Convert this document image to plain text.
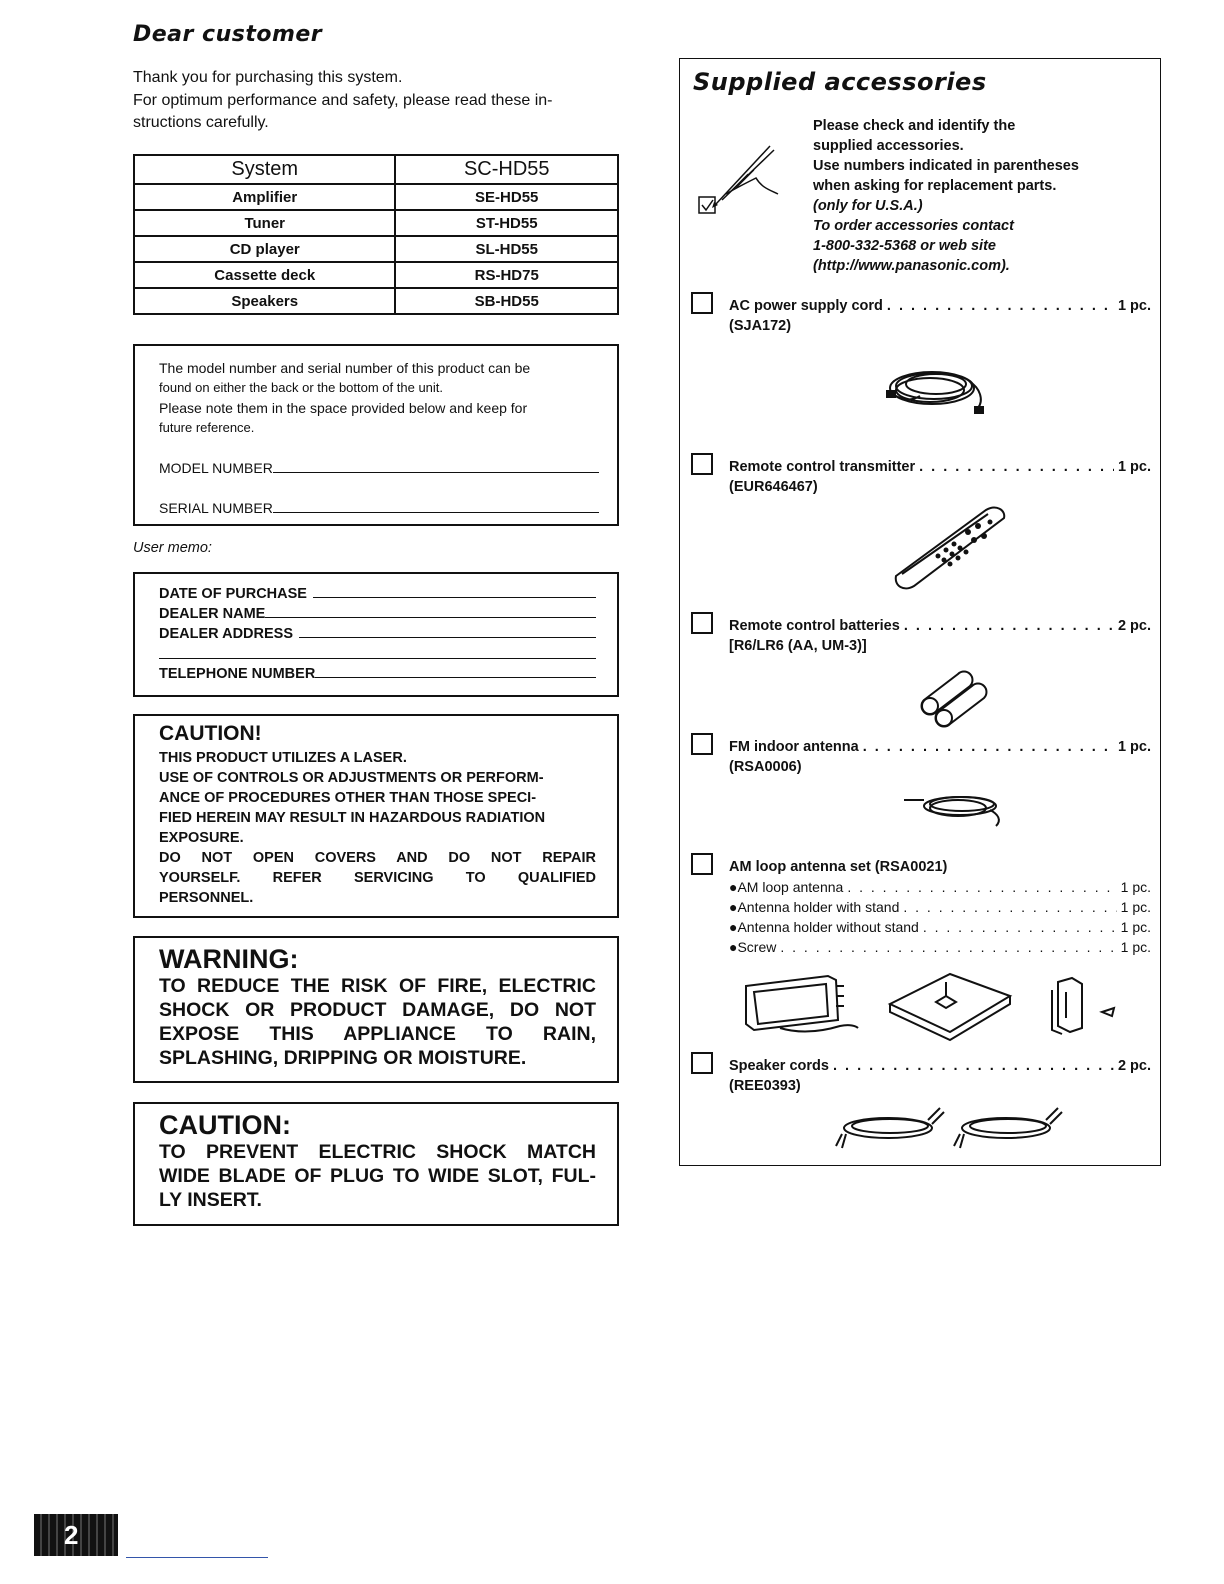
Dear customer
Thank you for purchasing this system.
For optimum performance and safety, please read these in-
structions carefully.
System	SC-HD55
Amplifier	SE-HD55
Tuner	ST-HD55
CD player	SL-HD55
Cassette deck	RS-HD75
Speakers	SB-HD55
The model number and serial number of this product can be
found on either the back or the bottom of the unit.
Please note them in the space provided below and keep for
future reference.
MODEL NUMBER
SERIAL NUMBER
User memo:
DATE OF PURCHASE
DEALER NAME
DEALER ADDRESS
TELEPHONE NUMBER
CAUTION!
THIS PRODUCT UTILIZES A LASER.
USE OF CONTROLS OR ADJUSTMENTS OR PERFORM-
ANCE OF PROCEDURES OTHER THAN THOSE SPECI-
FIED HEREIN MAY RESULT IN HAZARDOUS RADIATION
EXPOSURE.
DO NOT OPEN COVERS AND DO NOT REPAIR
YOURSELF. REFER SERVICING TO QUALIFIED
PERSONNEL.
WARNING:
TO REDUCE THE RISK OF FIRE, ELECTRIC
SHOCK OR PRODUCT DAMAGE, DO NOT
EXPOSE THIS APPLIANCE TO RAIN,
SPLASHING, DRIPPING OR MOISTURE.
CAUTION:
TO PREVENT ELECTRIC SHOCK MATCH
WIDE BLADE OF PLUG TO WIDE SLOT, FUL-
LY INSERT.
2
Supplied accessories
Please check and identify the
supplied accessories.
Use numbers indicated in parentheses
when asking for replacement parts.
(only for U.S.A.)
To order accessories contact
1-800-332-5368 or web site
(http://www.panasonic.com).
AC power supply cord . . .	1 pc.
(SJA172)
Remote control transmitter . . .	1 pc.
(EUR646467)
Remote control batteries . . .	2 pc.
[R6/LR6 (AA, UM-3)]
FM indoor antenna . . .	1 pc.
(RSA0006)
AM loop antenna set (RSA0021)
●AM loop antenna . . .	1 pc.
●Antenna holder with stand . . .	1 pc.
●Antenna holder without stand . . .	1 pc.
●Screw . . .	1 pc.
Speaker cords . . .	2 pc.
(REE0393)
